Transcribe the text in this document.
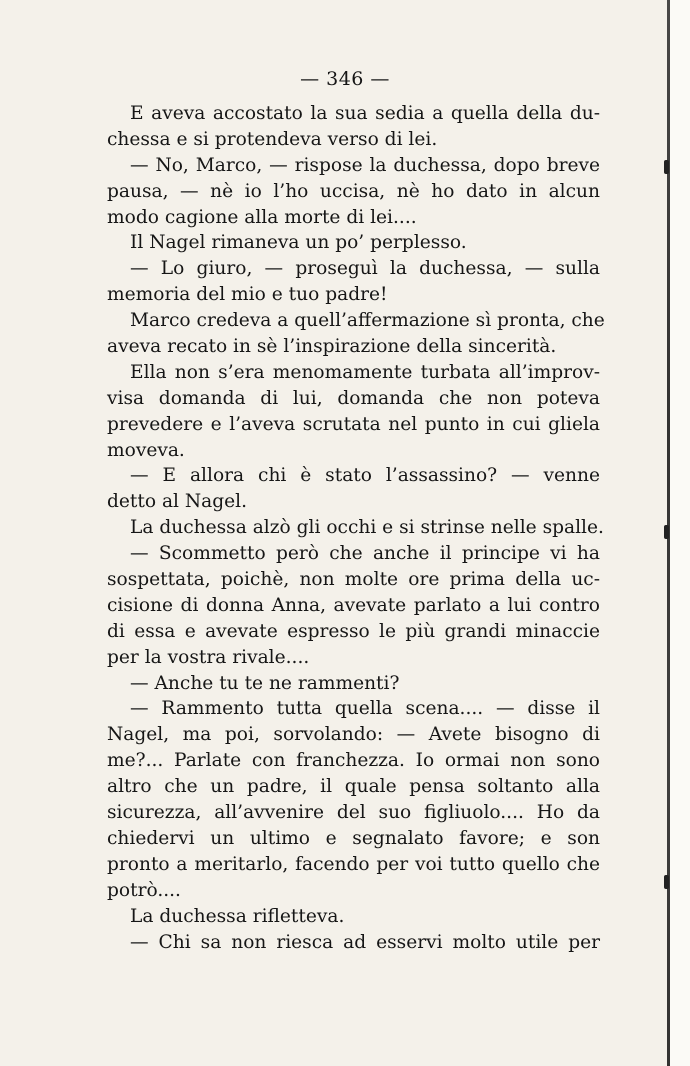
— 346 —
E aveva accostato la sua sedia a quella della du-
chessa e si protendeva verso di lei.
— No, Marco, — rispose la duchessa, dopo breve
pausa, — nè io l’ho uccisa, nè ho dato in alcun
modo cagione alla morte di lei....
Il Nagel rimaneva un po’ perplesso.
— Lo giuro, — proseguì la duchessa, — sulla
memoria del mio e tuo padre!
Marco credeva a quell’affermazione sì pronta, che
aveva recato in sè l’inspirazione della sincerità.
Ella non s’era menomamente turbata all’improv-
visa domanda di lui, domanda che non poteva
prevedere e l’aveva scrutata nel punto in cui gliela
moveva.
— E allora chi è stato l’assassino? — venne
detto al Nagel.
La duchessa alzò gli occhi e si strinse nelle spalle.
— Scommetto però che anche il principe vi ha
sospettata, poichè, non molte ore prima della uc-
cisione di donna Anna, avevate parlato a lui contro
di essa e avevate espresso le più grandi minaccie
per la vostra rivale....
— Anche tu te ne rammenti?
— Rammento tutta quella scena.... — disse il
Nagel, ma poi, sorvolando: — Avete bisogno di
me?... Parlate con franchezza. Io ormai non sono
altro che un padre, il quale pensa soltanto alla
sicurezza, all’avvenire del suo figliuolo.... Ho da
chiedervi un ultimo e segnalato favore; e son
pronto a meritarlo, facendo per voi tutto quello che
potrò....
La duchessa rifletteva.
— Chi sa non riesca ad esservi molto utile per
